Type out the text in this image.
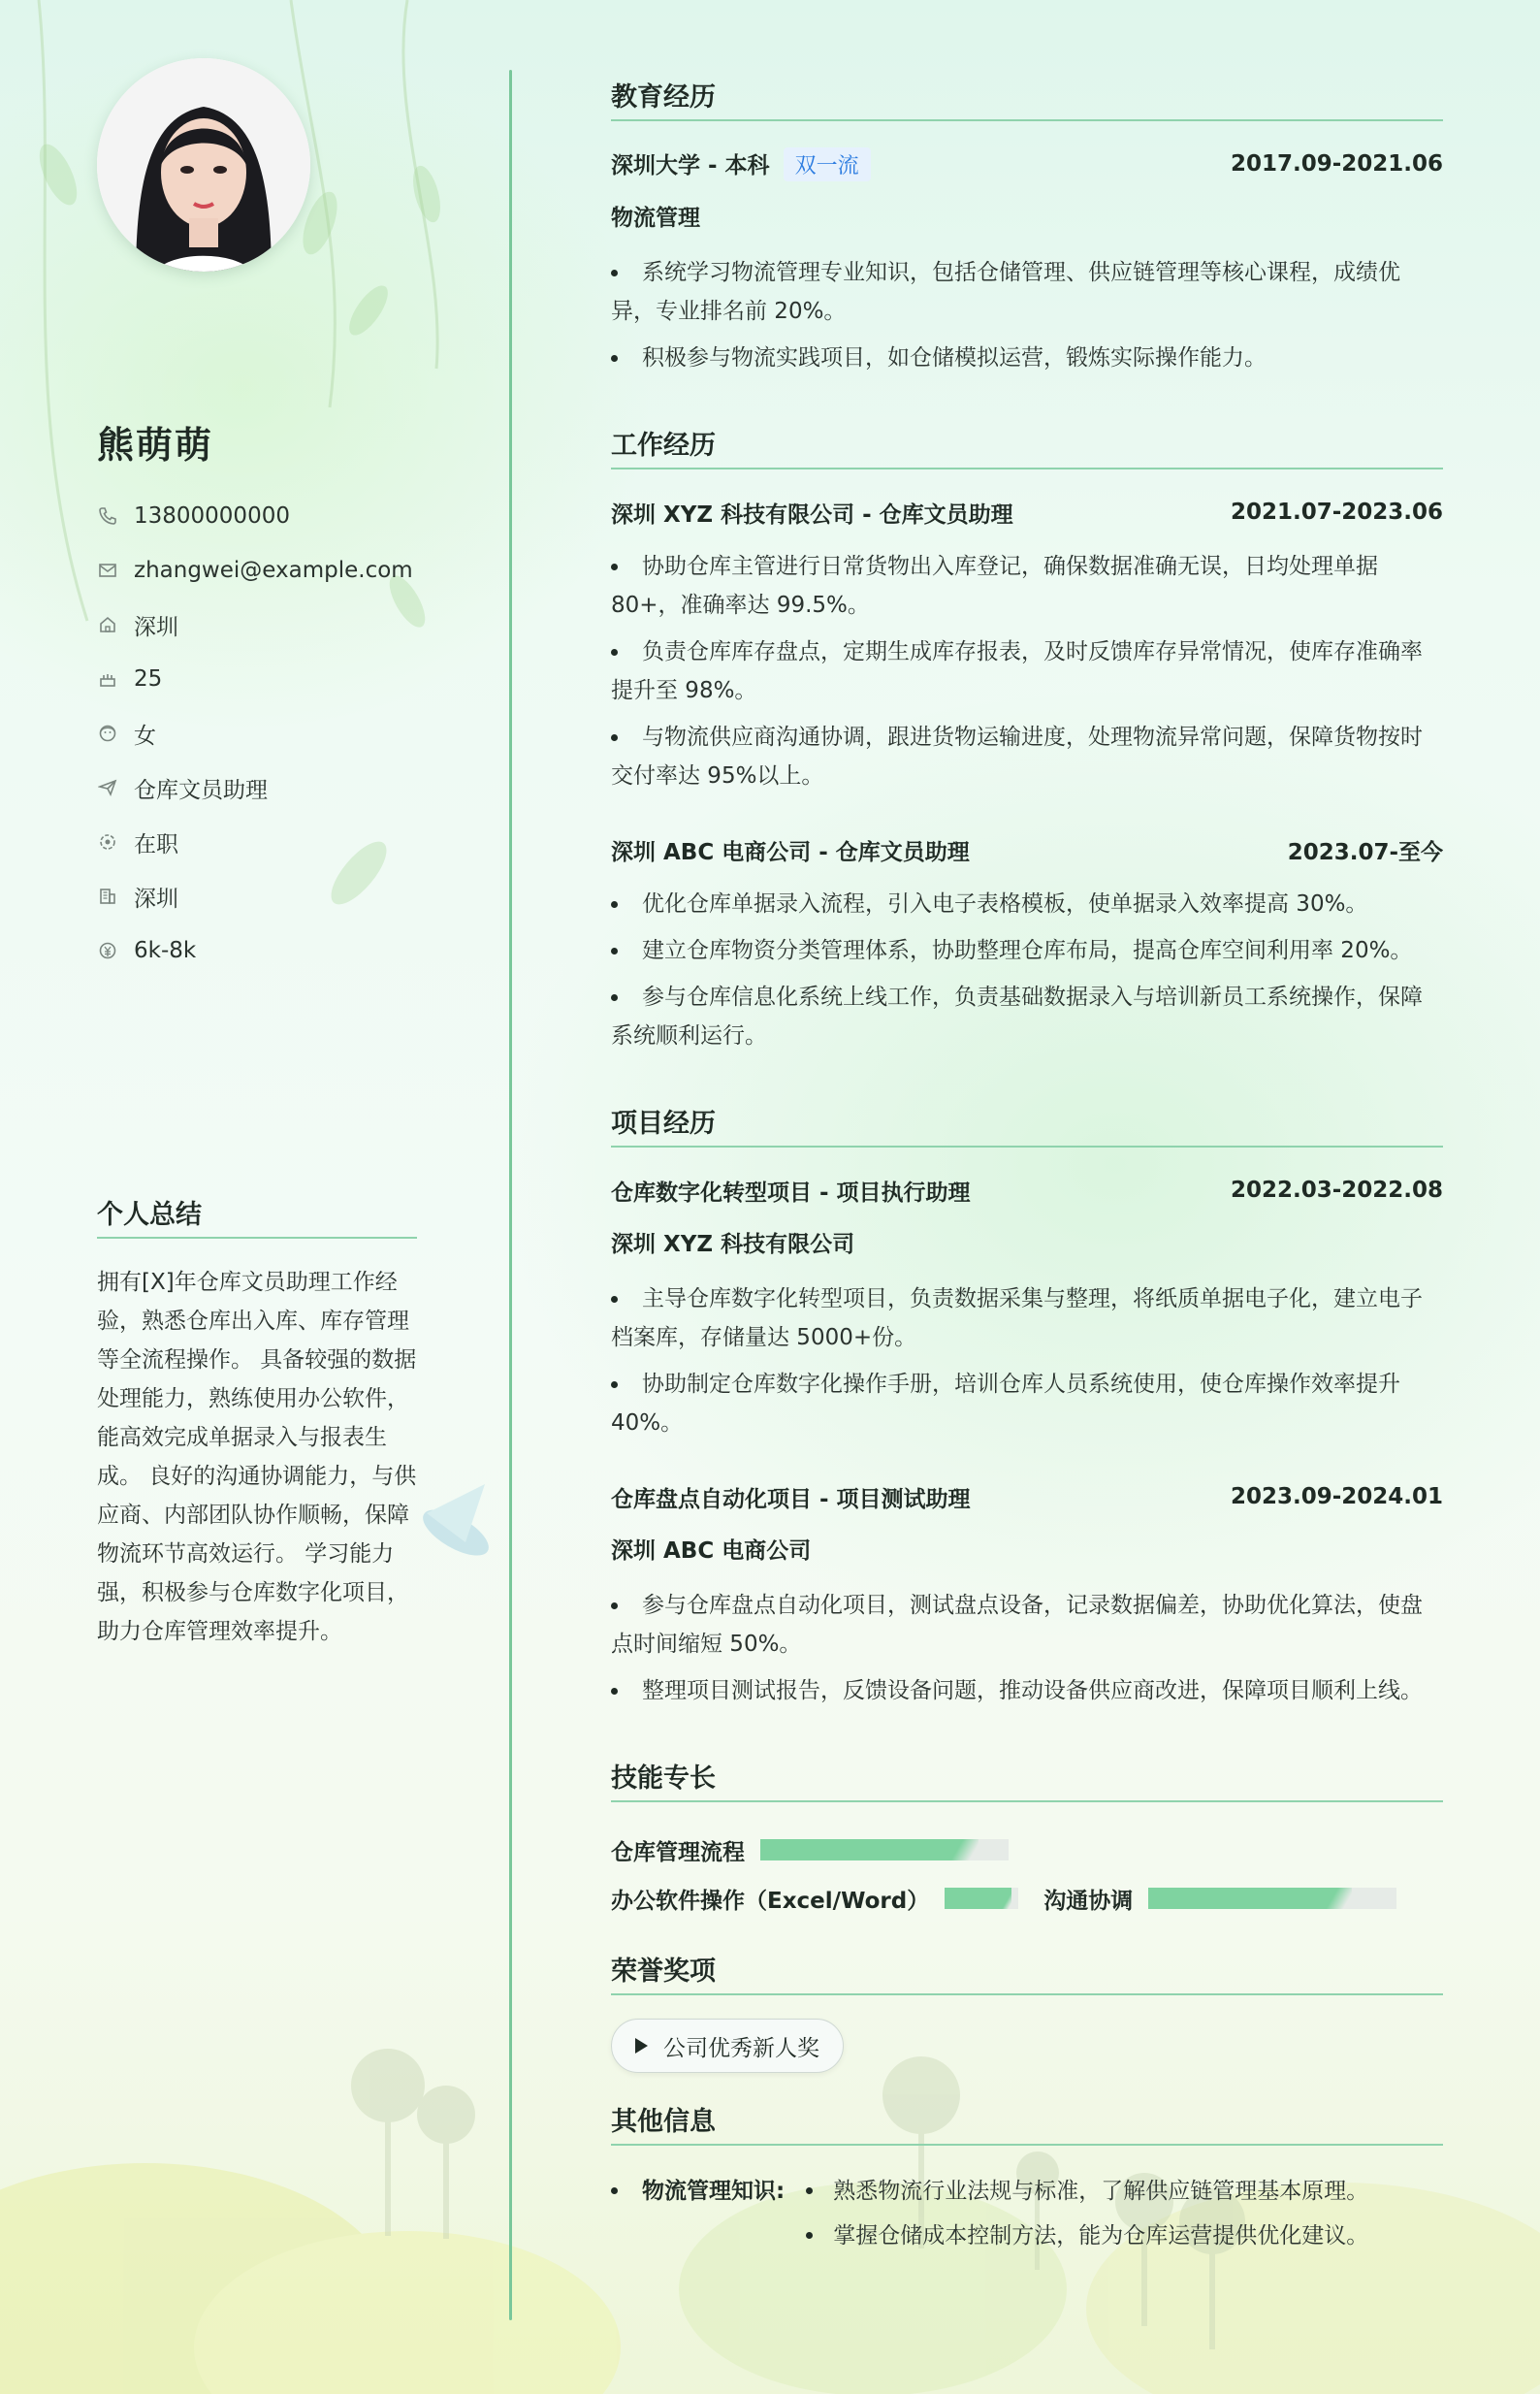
熊萌萌
13800000000
zhangwei@example.com
深圳
25
女
仓库文员助理
在职
深圳
6k-8k
个人总结
拥有[X]年仓库文员助理工作经验，熟悉仓库出入库、库存管理等全流程操作。 具备较强的数据处理能力，熟练使用办公软件，能高效完成单据录入与报表生成。 良好的沟通协调能力，与供应商、内部团队协作顺畅，保障物流环节高效运行。 学习能力强，积极参与仓库数字化项目，助力仓库管理效率提升。
教育经历
深圳大学 - 本科 双一流	2017.09-2021.06
物流管理
系统学习物流管理专业知识，包括仓储管理、供应链管理等核心课程，成绩优异，专业排名前 20%。
积极参与物流实践项目，如仓储模拟运营，锻炼实际操作能力。
工作经历
深圳 XYZ 科技有限公司 - 仓库文员助理	2021.07-2023.06
协助仓库主管进行日常货物出入库登记，确保数据准确无误，日均处理单据 80+，准确率达 99.5%。
负责仓库库存盘点，定期生成库存报表，及时反馈库存异常情况，使库存准确率提升至 98%。
与物流供应商沟通协调，跟进货物运输进度，处理物流异常问题，保障货物按时交付率达 95%以上。
深圳 ABC 电商公司 - 仓库文员助理	2023.07-至今
优化仓库单据录入流程，引入电子表格模板，使单据录入效率提高 30%。
建立仓库物资分类管理体系，协助整理仓库布局，提高仓库空间利用率 20%。
参与仓库信息化系统上线工作，负责基础数据录入与培训新员工系统操作，保障系统顺利运行。
项目经历
仓库数字化转型项目 - 项目执行助理	2022.03-2022.08
深圳 XYZ 科技有限公司
主导仓库数字化转型项目，负责数据采集与整理，将纸质单据电子化，建立电子档案库，存储量达 5000+份。
协助制定仓库数字化操作手册，培训仓库人员系统使用，使仓库操作效率提升 40%。
仓库盘点自动化项目 - 项目测试助理	2023.09-2024.01
深圳 ABC 电商公司
参与仓库盘点自动化项目，测试盘点设备，记录数据偏差，协助优化算法，使盘点时间缩短 50%。
整理项目测试报告，反馈设备问题，推动设备供应商改进，保障项目顺利上线。
技能专长
仓库管理流程
办公软件操作（Excel/Word）	沟通协调
荣誉奖项
公司优秀新人奖
其他信息
物流管理知识:	熟悉物流行业法规与标准，了解供应链管理基本原理。
掌握仓储成本控制方法，能为仓库运营提供优化建议。
